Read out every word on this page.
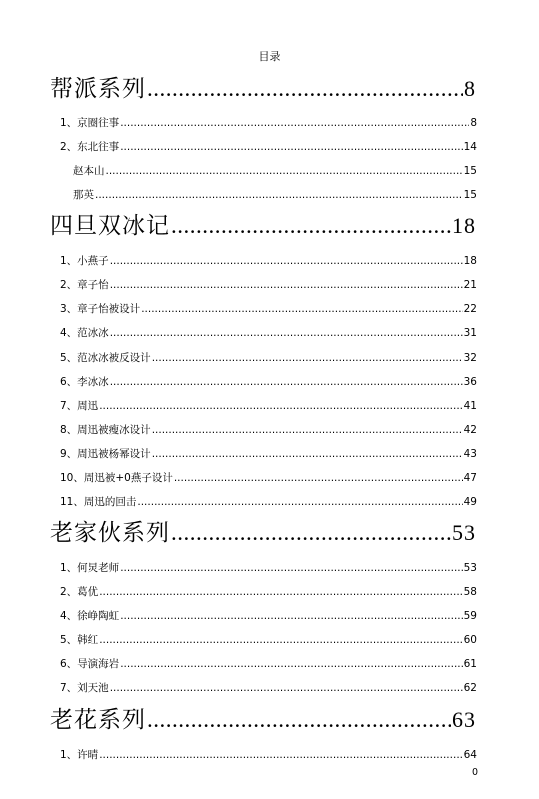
目录
帮派系列 .....	8
1、京圈往事 .....	8
2、东北往事 .....	14
赵本山 .....	15
那英 .....	15
四旦双冰记 .....	18
1、小燕子 .....	18
2、章子怡 .....	21
3、章子怡被设计 .....	22
4、范冰冰 .....	31
5、范冰冰被反设计 .....	32
6、李冰冰 .....	36
7、周迅 .....	41
8、周迅被瘦冰设计 .....	42
9、周迅被杨幂设计 .....	43
10、周迅被+0燕子设计 .....	47
11、周迅的回击 .....	49
老家伙系列 .....	53
1、何炅老师 .....	53
2、葛优 .....	58
4、徐峥陶虹 .....	59
5、韩红 .....	60
6、导演海岩 .....	61
7、刘天池 .....	62
老花系列 .....	63
1、许晴 .....	64
0
